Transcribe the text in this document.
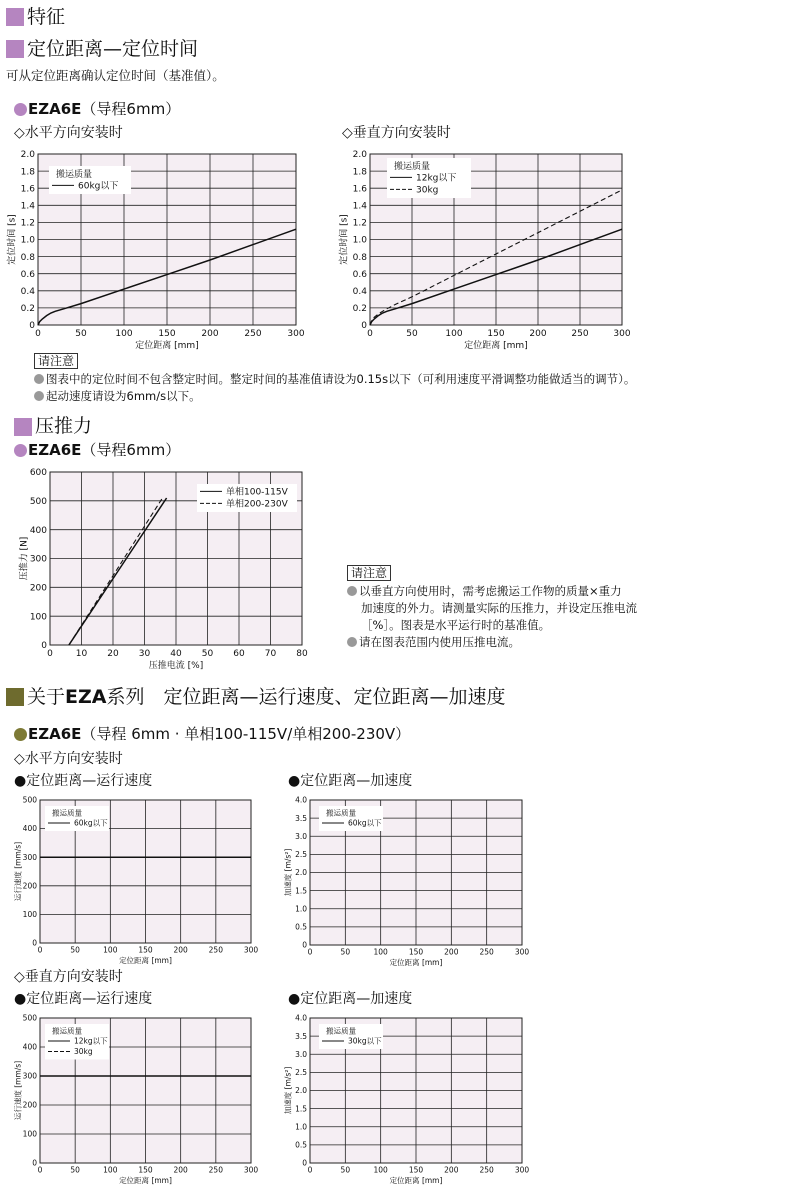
特征
定位距离—定位时间
可从定位距离确认定位时间（基准值）。
EZA6E（导程6mm）
◇水平方向安装时	◇垂直方向安装时
0	50	100	150	200	250	300
0
0.2
0.4
0.6
0.8
1.0
1.2
1.4
1.6
1.8
2.0
定位距离 [mm]
定位时间 [s]
搬运质量
60kg以下
0	50	100	150	200	250	300
0
0.2
0.4
0.6
0.8
1.0
1.2
1.4
1.6
1.8
2.0
定位距离 [mm]
定位时间 [s]
搬运质量
12kg以下
30kg
请注意
图表中的定位时间不包含整定时间。整定时间的基准值请设为0.15s以下（可利用速度平滑调整功能做适当的调节）。
起动速度请设为6mm/s以下。
压推力
EZA6E（导程6mm）
0	10 20 30 40 50 60 70 80
0
100
200
300
400
500
600
压推电流 [%]
压推力 [N]
单相100-115V
单相200-230V
请注意
以垂直方向使用时，需考虑搬运工作物的质量×重力
加速度的外力。请测量实际的压推力，并设定压推电流
［%］。图表是水平运行时的基准值。
请在图表范围内使用压推电流。
关于EZA系列　定位距离—运行速度、定位距离—加速度
EZA6E（导程 6mm · 单相100-115V/单相200-230V）
◇水平方向安装时
●定位距离—运行速度	●定位距离—加速度
0	50	100	150	200	250	300
0
100
200
300
400
500
定位距离 [mm]
运行速度 [mm/s]
搬运质量
60kg以下
0	50	100	150	200	250	300
0
0.5
1.0
1.5
2.0
2.5
3.0
3.5
4.0
定位距离 [mm]
加速度 [m/s²]
搬运质量
60kg以下
◇垂直方向安装时
●定位距离—运行速度	●定位距离—加速度
0	50	100	150	200	250	300
0
100
200
300
400
500
定位距离 [mm]
运行速度 [mm/s]
搬运质量
12kg以下
30kg
0	50	100	150	200	250	300
0
0.5
1.0
1.5
2.0
2.5
3.0
3.5
4.0
定位距离 [mm]
加速度 [m/s²]
搬运质量
30kg以下
